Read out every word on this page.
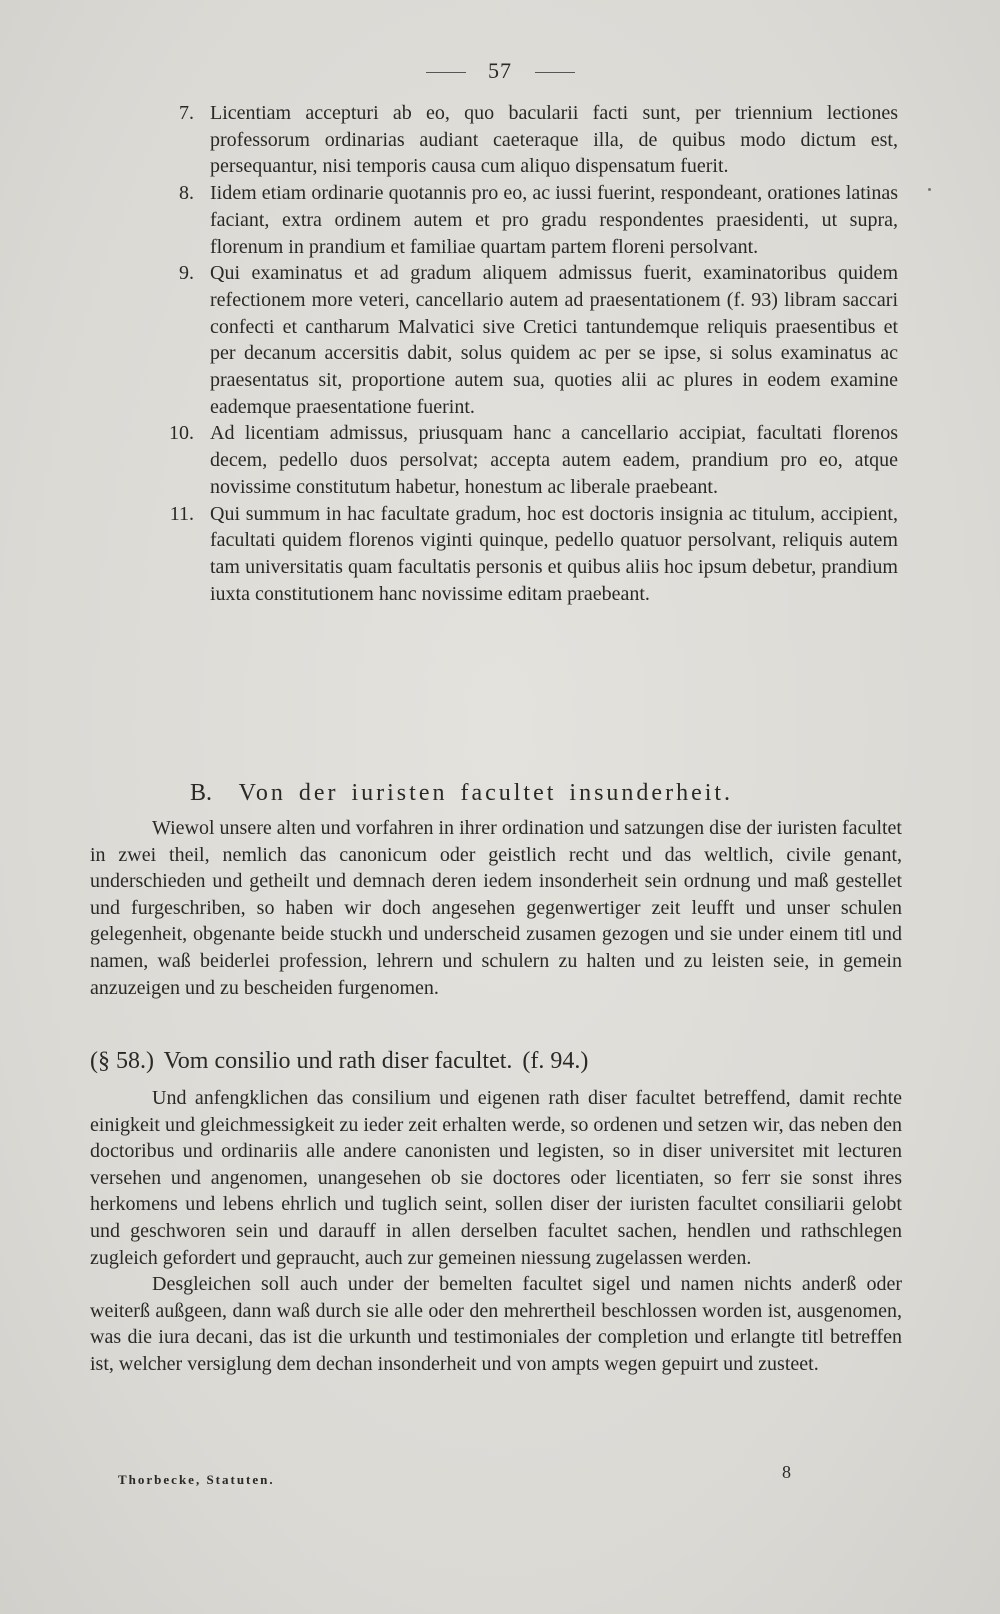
57
7. Licentiam accepturi ab eo, quo bacularii facti sunt, per triennium lectiones professorum ordinarias audiant caeteraque illa, de quibus modo dictum est, persequantur, nisi temporis causa cum aliquo dispensatum fuerit.
8. Iidem etiam ordinarie quotannis pro eo, ac iussi fuerint, respondeant, orationes latinas faciant, extra ordinem autem et pro gradu respondentes praesidenti, ut supra, florenum in prandium et familiae quartam partem floreni persolvant.
9. Qui examinatus et ad gradum aliquem admissus fuerit, examinatoribus quidem refectionem more veteri, cancellario autem ad praesentationem (f. 93) libram saccari confecti et cantharum Malvatici sive Cretici tantundemque reliquis praesentibus et per decanum accersitis dabit, solus quidem ac per se ipse, si solus examinatus ac praesentatus sit, proportione autem sua, quoties alii ac plures in eodem examine eademque praesentatione fuerint.
10. Ad licentiam admissus, priusquam hanc a cancellario accipiat, facultati florenos decem, pedello duos persolvat; accepta autem eadem, prandium pro eo, atque novissime constitutum habetur, honestum ac liberale praebeant.
11. Qui summum in hac facultate gradum, hoc est doctoris insignia ac titulum, accipient, facultati quidem florenos viginti quinque, pedello quatuor persolvant, reliquis autem tam universitatis quam facultatis personis et quibus aliis hoc ipsum debetur, prandium iuxta constitutionem hanc novissime editam praebeant.
B. Von der iuristen facultet insunderheit.

Wiewol unsere alten und vorfahren in ihrer ordination und satzungen dise der iuristen facultet in zwei theil, nemlich das canonicum oder geistlich recht und das weltlich, civile genant, underschieden und getheilt und demnach deren iedem insonderheit sein ordnung und maß gestellet und furgeschriben, so haben wir doch angesehen gegenwertiger zeit leufft und unser schulen gelegenheit, obgenante beide stuckh und underscheid zusamen gezogen und sie under einem titl und namen, waß beiderlei profession, lehrern und schulern zu halten und zu leisten seie, in gemein anzuzeigen und zu bescheiden furgenomen.

(§ 58.) Vom consilio und rath diser facultet. (f. 94.)

Und anfengklichen das consilium und eigenen rath diser facultet betreffend, damit rechte einigkeit und gleichmessigkeit zu ieder zeit erhalten werde, so ordenen und setzen wir, das neben den doctoribus und ordinariis alle andere canonisten und legisten, so in diser universitet mit lecturen versehen und angenomen, unangesehen ob sie doctores oder licentiaten, so ferr sie sonst ihres herkomens und lebens ehrlich und tuglich seint, sollen diser der iuristen facultet consiliarii gelobt und geschworen sein und darauff in allen derselben facultet sachen, hendlen und rathschlegen zugleich gefordert und gepraucht, auch zur gemeinen niessung zugelassen werden.

Desgleichen soll auch under der bemelten facultet sigel und namen nichts anderß oder weiterß außgeen, dann waß durch sie alle oder den mehrertheil beschlossen worden ist, ausgenomen, was die iura decani, das ist die urkunth und testimoniales der completion und erlangte titl betreffen ist, welcher versiglung dem dechan insonderheit und von ampts wegen gepuirt und zusteet.

Thorbecke, Statuten.	8
